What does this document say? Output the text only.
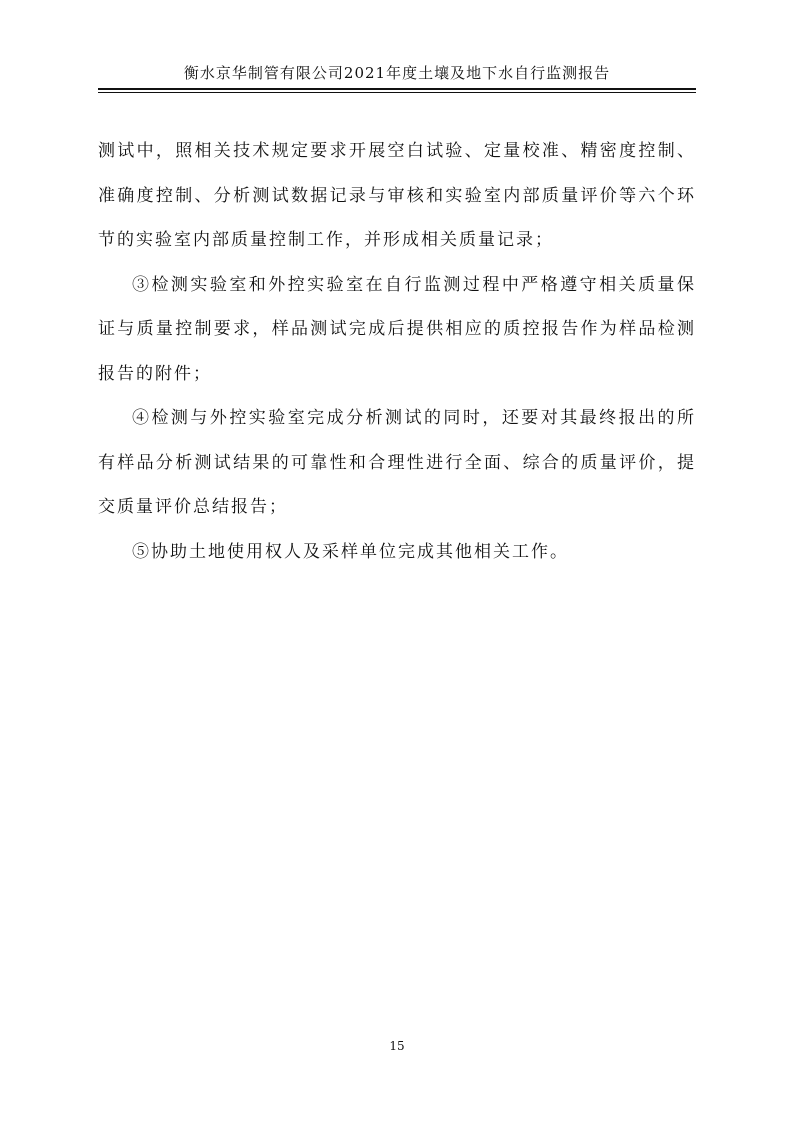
衡水京华制管有限公司2021年度土壤及地下水自行监测报告

测试中，照相关技术规定要求开展空白试验、定量校准、精密度控制、准确度控制、分析测试数据记录与审核和实验室内部质量评价等六个环节的实验室内部质量控制工作，并形成相关质量记录；

③检测实验室和外控实验室在自行监测过程中严格遵守相关质量保证与质量控制要求，样品测试完成后提供相应的质控报告作为样品检测报告的附件；

④检测与外控实验室完成分析测试的同时，还要对其最终报出的所有样品分析测试结果的可靠性和合理性进行全面、综合的质量评价，提交质量评价总结报告；

⑤协助土地使用权人及采样单位完成其他相关工作。

15
